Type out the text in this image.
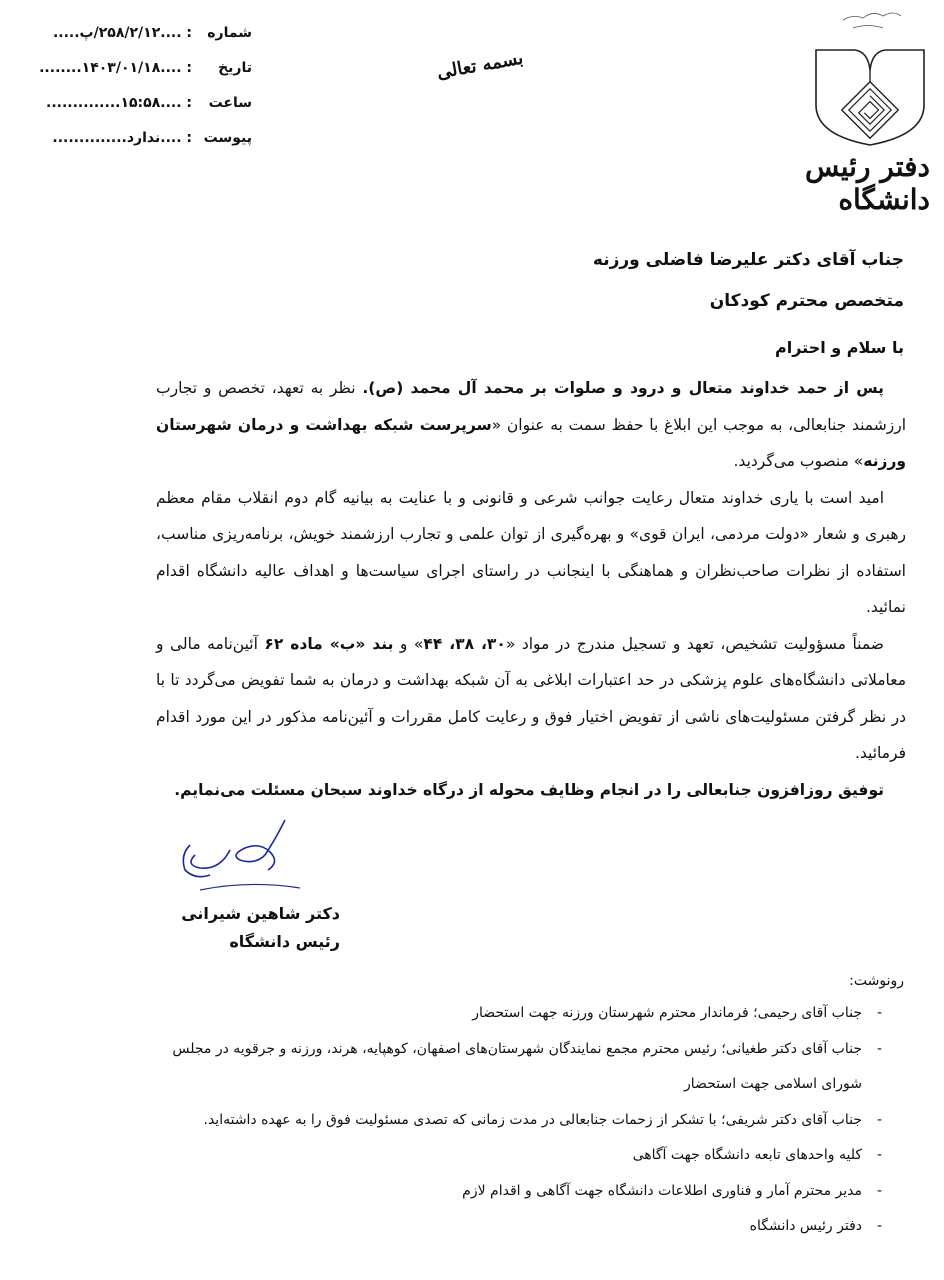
شماره: ....۲۵۸/۲/۱۲/پ.....
تاریخ: ....۱۴۰۳/۰۱/۱۸........
ساعت: ....۱۵:۵۸..............
پیوست: ....ندارد..............
بسمه تعالی
دفتر رئیس دانشگاه
جناب آقای دکتر علیرضا فاضلی ورزنه
متخصص محترم کودکان
با سلام و احترام

پس از حمد خداوند متعال و درود و صلوات بر محمد آل محمد (ص). نظر به تعهد، تخصص و تجارب ارزشمند جنابعالی، به موجب این ابلاغ با حفظ سمت به عنوان «سرپرست شبکه بهداشت و درمان شهرستان ورزنه» منصوب می‌گردید.

امید است با یاری خداوند متعال رعایت جوانب شرعی و قانونی و با عنایت به بیانیه گام دوم انقلاب مقام معظم رهبری و شعار «دولت مردمی، ایران قوی» و بهره‌گیری از توان علمی و تجارب ارزشمند خویش، برنامه‌ریزی مناسب، استفاده از نظرات صاحب‌نظران و هماهنگی با اینجانب در راستای اجرای سیاست‌ها و اهداف عالیه دانشگاه اقدام نمائید.

ضمناً مسؤولیت تشخیص، تعهد و تسجیل مندرج در مواد «۳۰، ۳۸، ۴۴» و بند «ب» ماده ۶۲ آئین‌نامه مالی و معاملاتی دانشگاه‌های علوم پزشکی در حد اعتبارات ابلاغی به آن شبکه بهداشت و درمان به شما تفویض می‌گردد تا با در نظر گرفتن مسئولیت‌های ناشی از تفویض اختیار فوق و رعایت کامل مقررات و آئین‌نامه مذکور در این مورد اقدام فرمائید.

توفیق روزافزون جنابعالی را در انجام وظایف محوله از درگاه خداوند سبحان مسئلت می‌نمایم.

دکتر شاهین شیرانی
رئیس دانشگاه
رونوشت:
-
جناب آقای رحیمی؛ فرماندار محترم شهرستان ورزنه جهت استحضار
-
جناب آقای دکتر طغیانی؛ رئیس محترم مجمع نمایندگان شهرستان‌های اصفهان، کوهپایه، هرند، ورزنه و جرقویه در مجلس شورای اسلامی جهت استحضار
-
جناب آقای دکتر شریفی؛ با تشکر از زحمات جنابعالی در مدت زمانی که تصدی مسئولیت فوق را به عهده داشته‌اید.
-
کلیه واحدهای تابعه دانشگاه جهت آگاهی
-
مدیر محترم آمار و فناوری اطلاعات دانشگاه جهت آگاهی و اقدام لازم
-
دفتر رئیس دانشگاه
